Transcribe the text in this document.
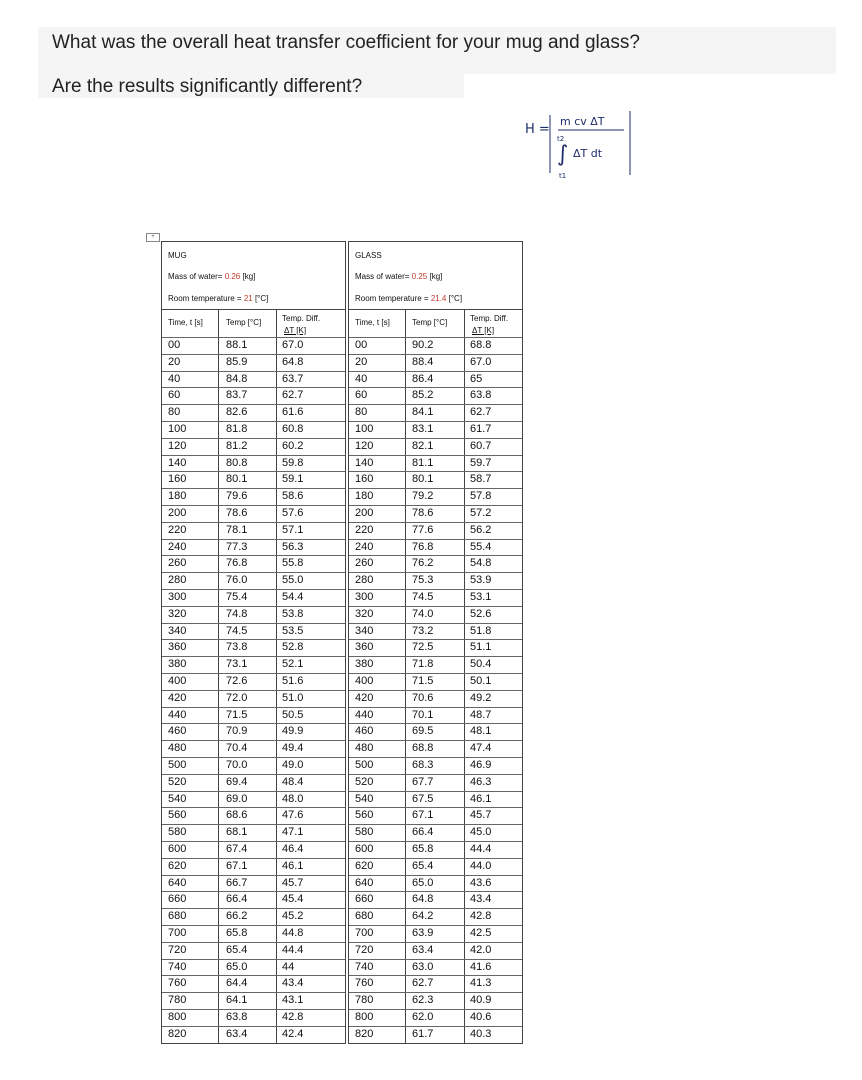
What was the overall heat transfer coefficient for your mug and glass?
Are the results significantly different?
H =
m cv ΔT
t2
∫ ΔT dt
t1
+
MUG
Mass of water= 0.26 [kg]
Room temperature = 21 [°C]
Time, t [s]	Temp [°C]	Temp. Diff.
ΔT [K]
00	88.1	67.0
20	85.9	64.8
40	84.8	63.7
60	83.7	62.7
80	82.6	61.6
100	81.8	60.8
120	81.2	60.2
140	80.8	59.8
160	80.1	59.1
180	79.6	58.6
200	78.6	57.6
220	78.1	57.1
240	77.3	56.3
260	76.8	55.8
280	76.0	55.0
300	75.4	54.4
320	74.8	53.8
340	74.5	53.5
360	73.8	52.8
380	73.1	52.1
400	72.6	51.6
420	72.0	51.0
440	71.5	50.5
460	70.9	49.9
480	70.4	49.4
500	70.0	49.0
520	69.4	48.4
540	69.0	48.0
560	68.6	47.6
580	68.1	47.1
600	67.4	46.4
620	67.1	46.1
640	66.7	45.7
660	66.4	45.4
680	66.2	45.2
700	65.8	44.8
720	65.4	44.4
740	65.0	44
760	64.4	43.4
780	64.1	43.1
800	63.8	42.8
820	63.4	42.4
GLASS
Mass of water= 0.25 [kg]
Room temperature = 21.4 [°C]
Time, t [s]	Temp [°C]	Temp. Diff.
ΔT [K]
00	90.2	68.8
20	88.4	67.0
40	86.4	65
60	85.2	63.8
80	84.1	62.7
100	83.1	61.7
120	82.1	60.7
140	81.1	59.7
160	80.1	58.7
180	79.2	57.8
200	78.6	57.2
220	77.6	56.2
240	76.8	55.4
260	76.2	54.8
280	75.3	53.9
300	74.5	53.1
320	74.0	52.6
340	73.2	51.8
360	72.5	51.1
380	71.8	50.4
400	71.5	50.1
420	70.6	49.2
440	70.1	48.7
460	69.5	48.1
480	68.8	47.4
500	68.3	46.9
520	67.7	46.3
540	67.5	46.1
560	67.1	45.7
580	66.4	45.0
600	65.8	44.4
620	65.4	44.0
640	65.0	43.6
660	64.8	43.4
680	64.2	42.8
700	63.9	42.5
720	63.4	42.0
740	63.0	41.6
760	62.7	41.3
780	62.3	40.9
800	62.0	40.6
820	61.7	40.3
